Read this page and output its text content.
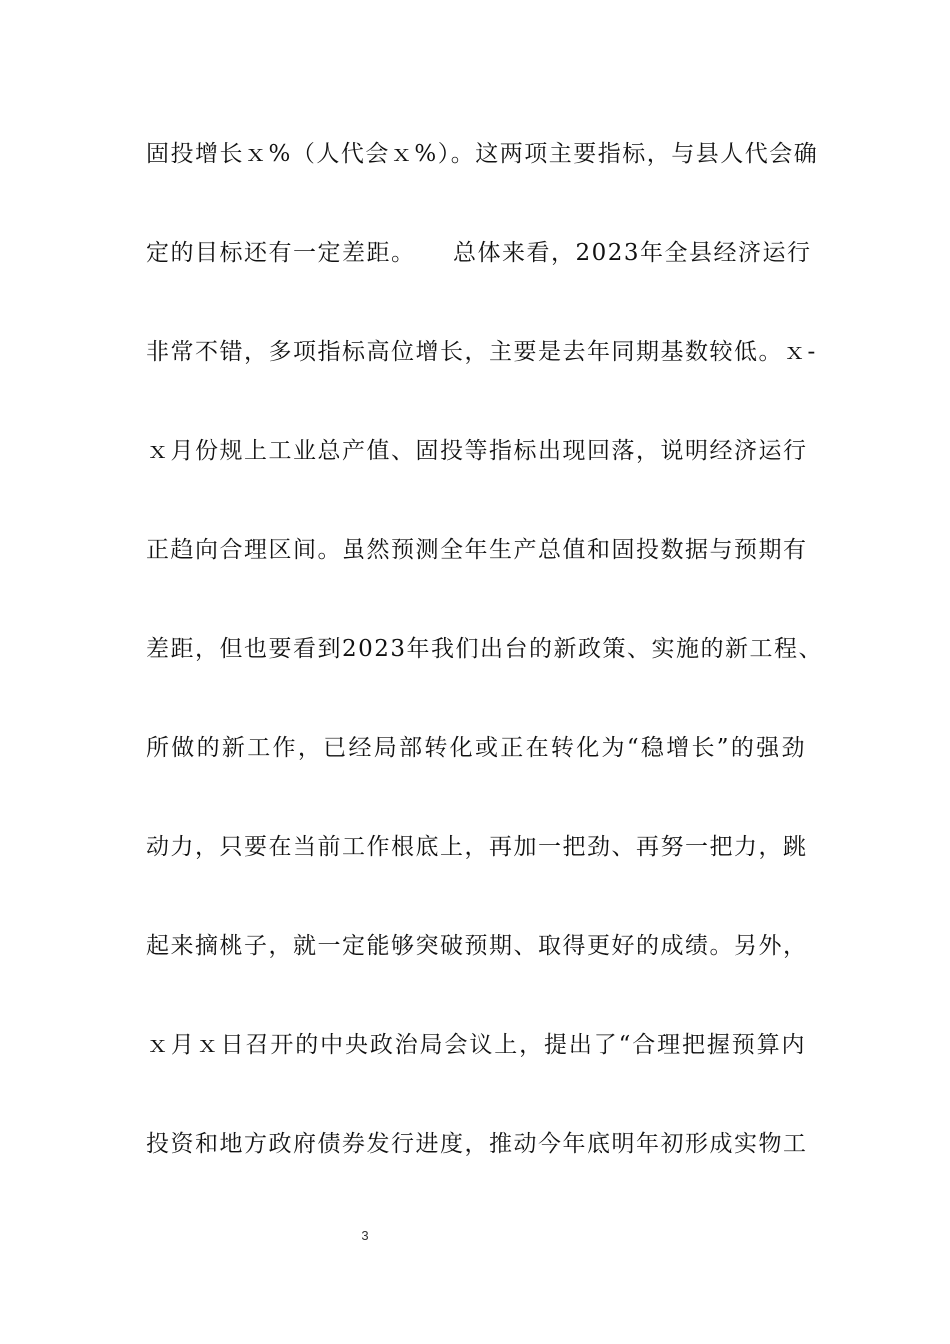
固投增长ｘ%（人代会ｘ%）。这两项主要指标，与县人代会确
定的目标还有一定差距。　　总体来看，2023年全县经济运行
非常不错，多项指标高位增长，主要是去年同期基数较低。ｘ-
ｘ月份规上工业总产值、固投等指标出现回落，说明经济运行
正趋向合理区间。虽然预测全年生产总值和固投数据与预期有
差距，但也要看到2023年我们出台的新政策、实施的新工程、
所做的新工作，已经局部转化或正在转化为“稳增长”的强劲
动力，只要在当前工作根底上，再加一把劲、再努一把力，跳
起来摘桃子，就一定能够突破预期、取得更好的成绩。另外，
ｘ月ｘ日召开的中央政治局会议上，提出了“合理把握预算内
投资和地方政府债券发行进度，推动今年底明年初形成实物工
3
